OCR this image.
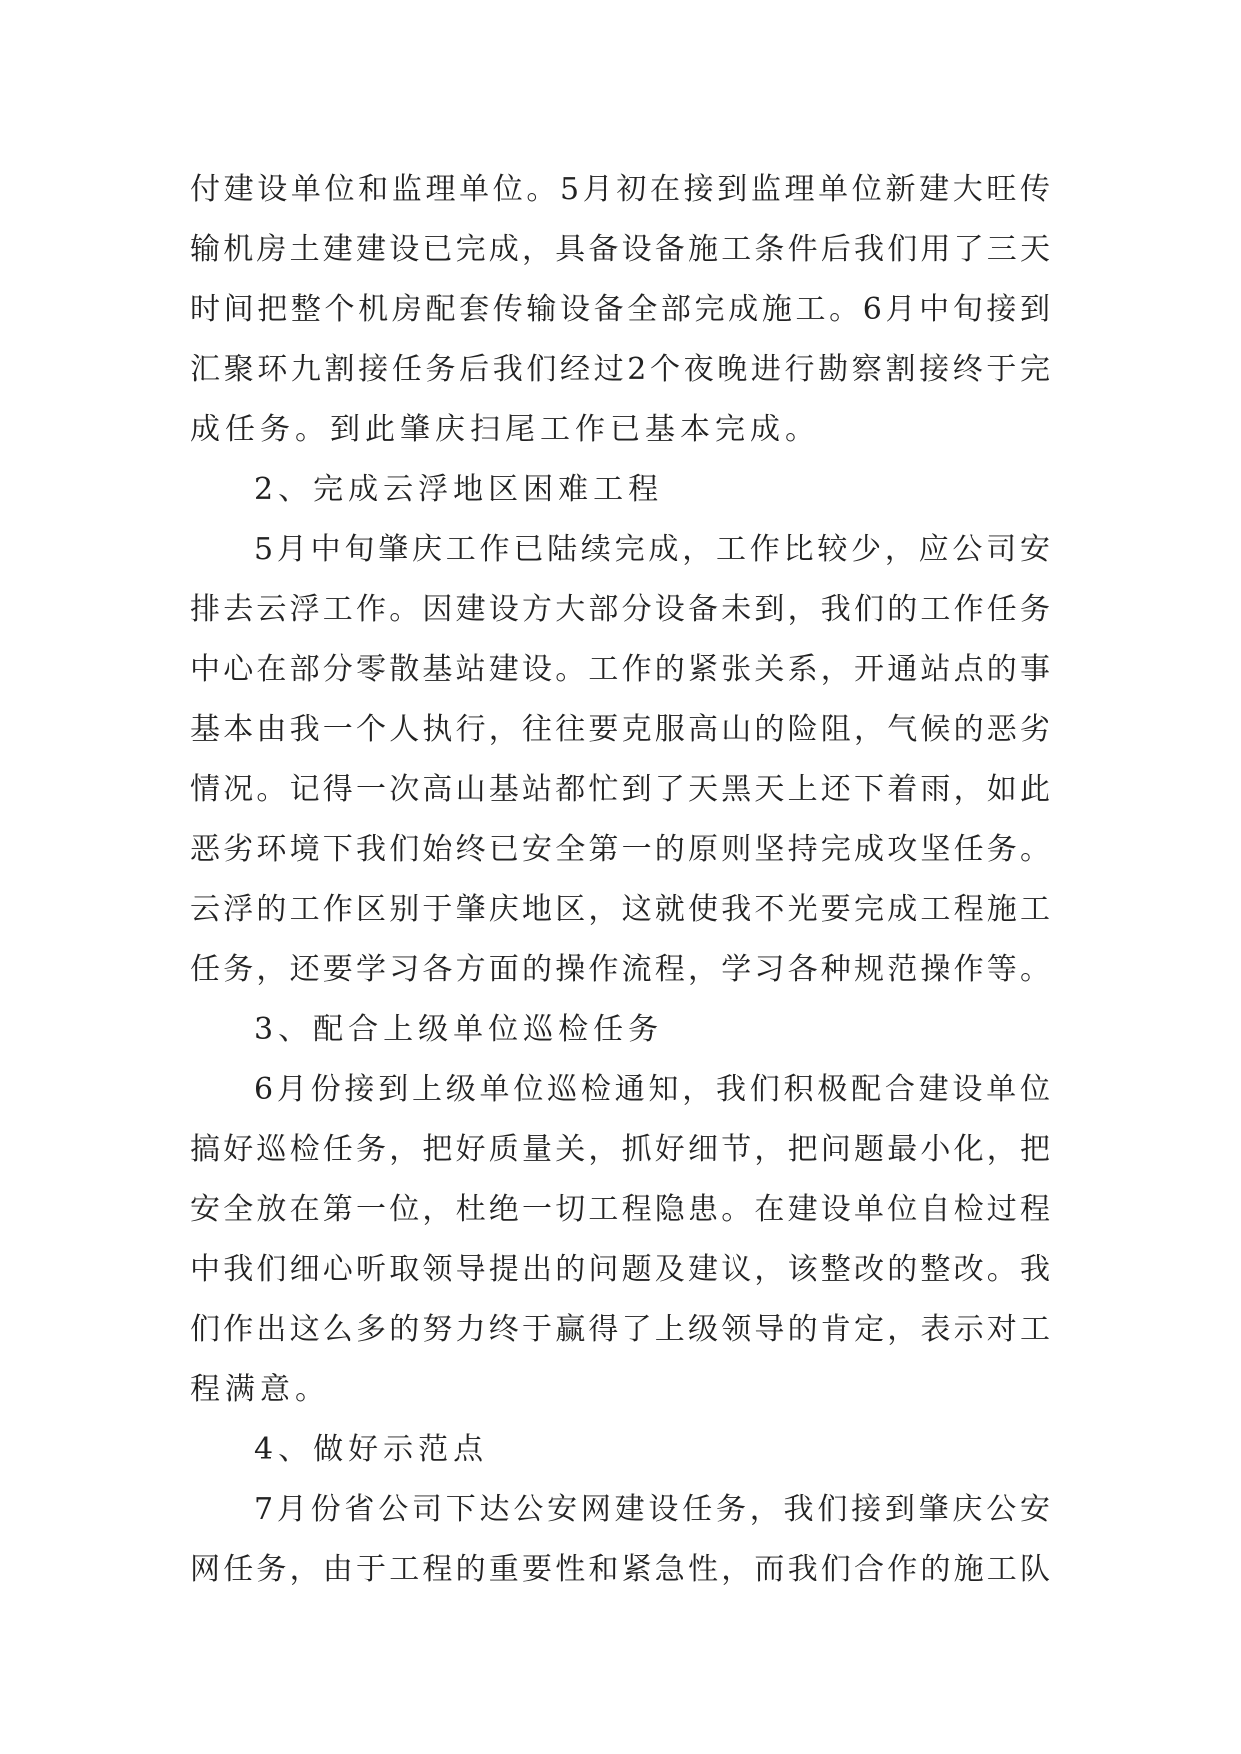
付建设单位和监理单位。5月初在接到监理单位新建大旺传
输机房土建建设已完成，具备设备施工条件后我们用了三天
时间把整个机房配套传输设备全部完成施工。6月中旬接到
汇聚环九割接任务后我们经过2个夜晚进行勘察割接终于完
成任务。到此肇庆扫尾工作已基本完成。
2、完成云浮地区困难工程
5月中旬肇庆工作已陆续完成，工作比较少，应公司安
排去云浮工作。因建设方大部分设备未到，我们的工作任务
中心在部分零散基站建设。工作的紧张关系，开通站点的事
基本由我一个人执行，往往要克服高山的险阻，气候的恶劣
情况。记得一次高山基站都忙到了天黑天上还下着雨，如此
恶劣环境下我们始终已安全第一的原则坚持完成攻坚任务。
云浮的工作区别于肇庆地区，这就使我不光要完成工程施工
任务，还要学习各方面的操作流程，学习各种规范操作等。
3、配合上级单位巡检任务
6月份接到上级单位巡检通知，我们积极配合建设单位
搞好巡检任务，把好质量关，抓好细节，把问题最小化，把
安全放在第一位，杜绝一切工程隐患。在建设单位自检过程
中我们细心听取领导提出的问题及建议，该整改的整改。我
们作出这么多的努力终于赢得了上级领导的肯定，表示对工
程满意。
4、做好示范点
7月份省公司下达公安网建设任务，我们接到肇庆公安
网任务，由于工程的重要性和紧急性，而我们合作的施工队
